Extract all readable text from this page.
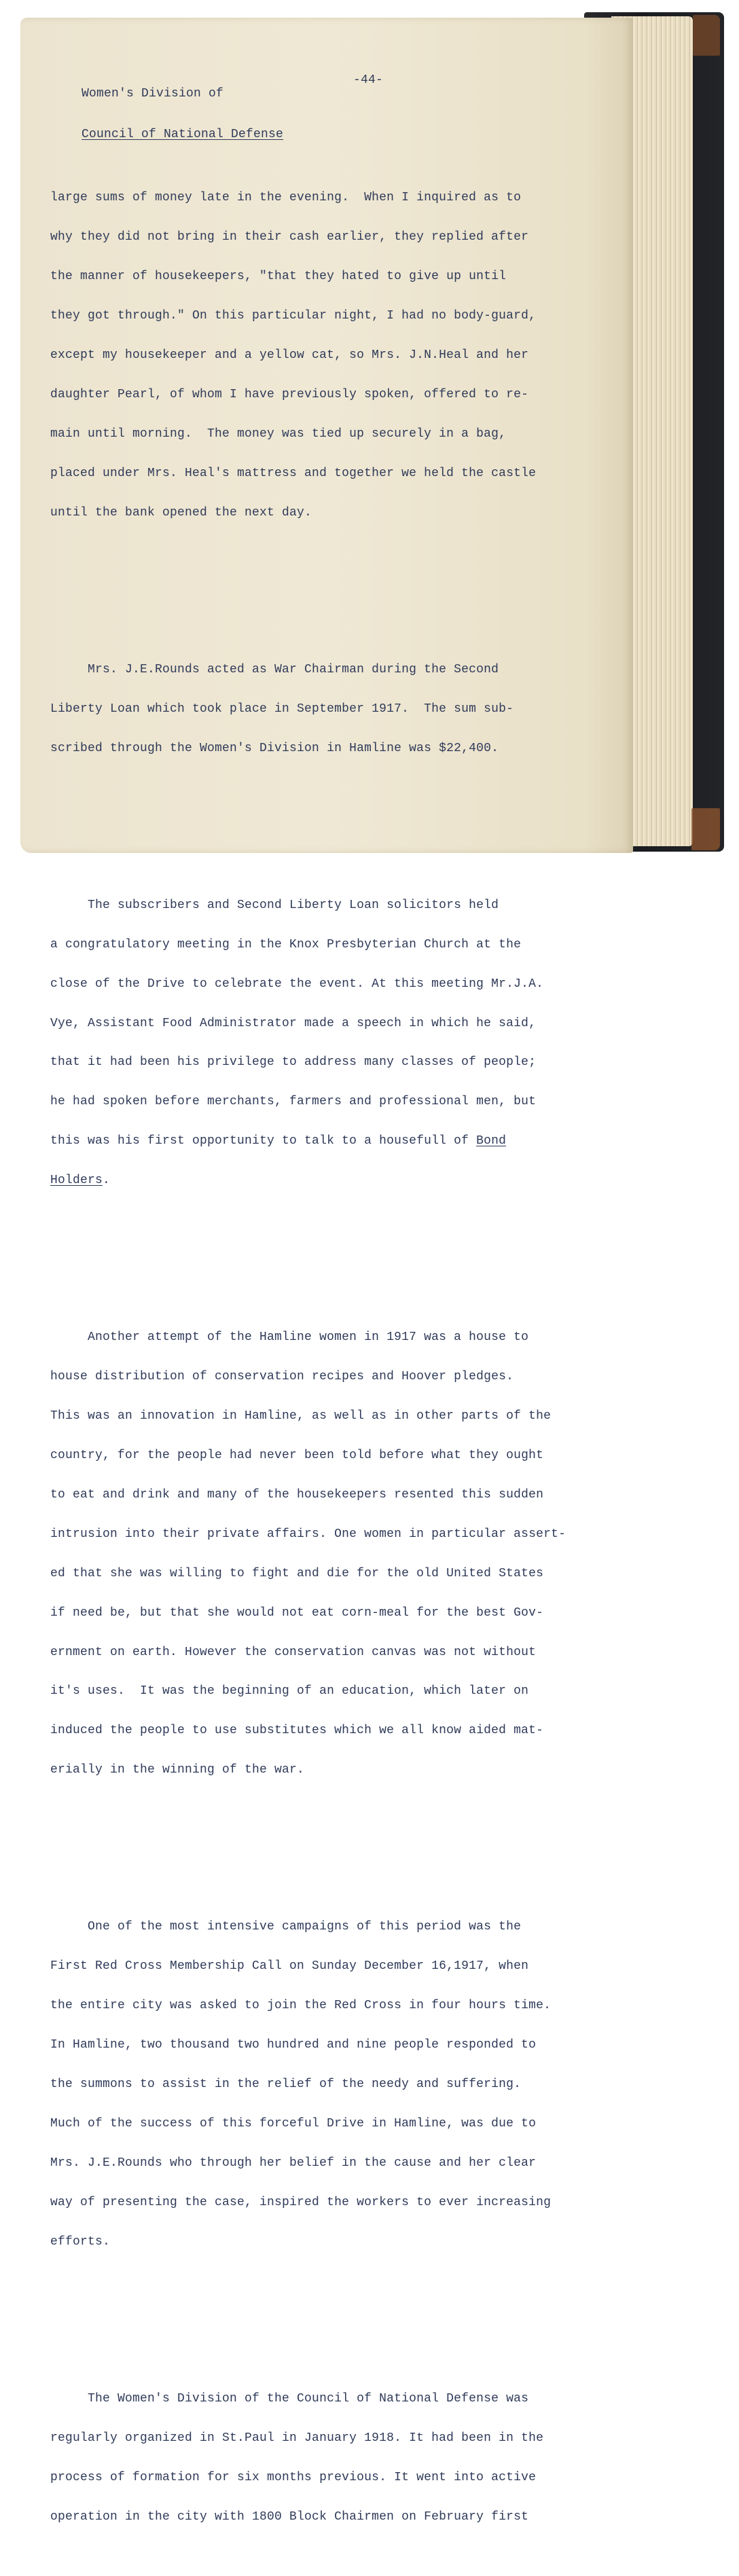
Women's Division of

Council of National Defense

-44-

large sums of money late in the evening.  When I inquired as to

why they did not bring in their cash earlier, they replied after

the manner of housekeepers, "that they hated to give up until

they got through." On this particular night, I had no body-guard,

except my housekeeper and a yellow cat, so Mrs. J.N.Heal and her

daughter Pearl, of whom I have previously spoken, offered to re-

main until morning.  The money was tied up securely in a bag,

placed under Mrs. Heal's mattress and together we held the castle

until the bank opened the next day.

Mrs. J.E.Rounds acted as War Chairman during the Second

Liberty Loan which took place in September 1917.  The sum sub-

scribed through the Women's Division in Hamline was $22,400.

The subscribers and Second Liberty Loan solicitors held

a congratulatory meeting in the Knox Presbyterian Church at the

close of the Drive to celebrate the event. At this meeting Mr.J.A.

Vye, Assistant Food Administrator made a speech in which he said,

that it had been his privilege to address many classes of people;

he had spoken before merchants, farmers and professional men, but

this was his first opportunity to talk to a housefull of Bond

Holders.

Another attempt of the Hamline women in 1917 was a house to

house distribution of conservation recipes and Hoover pledges.

This was an innovation in Hamline, as well as in other parts of the

country, for the people had never been told before what they ought

to eat and drink and many of the housekeepers resented this sudden

intrusion into their private affairs. One women in particular assert-

ed that she was willing to fight and die for the old United States

if need be, but that she would not eat corn-meal for the best Gov-

ernment on earth. However the conservation canvas was not without

it's uses.  It was the beginning of an education, which later on

induced the people to use substitutes which we all know aided mat-

erially in the winning of the war.

One of the most intensive campaigns of this period was the

First Red Cross Membership Call on Sunday December 16,1917, when

the entire city was asked to join the Red Cross in four hours time.

In Hamline, two thousand two hundred and nine people responded to

the summons to assist in the relief of the needy and suffering.

Much of the success of this forceful Drive in Hamline, was due to

Mrs. J.E.Rounds who through her belief in the cause and her clear

way of presenting the case, inspired the workers to ever increasing

efforts.

The Women's Division of the Council of National Defense was

regularly organized in St.Paul in January 1918. It had been in the

process of formation for six months previous. It went into active

operation in the city with 1800 Block Chairmen on February first
